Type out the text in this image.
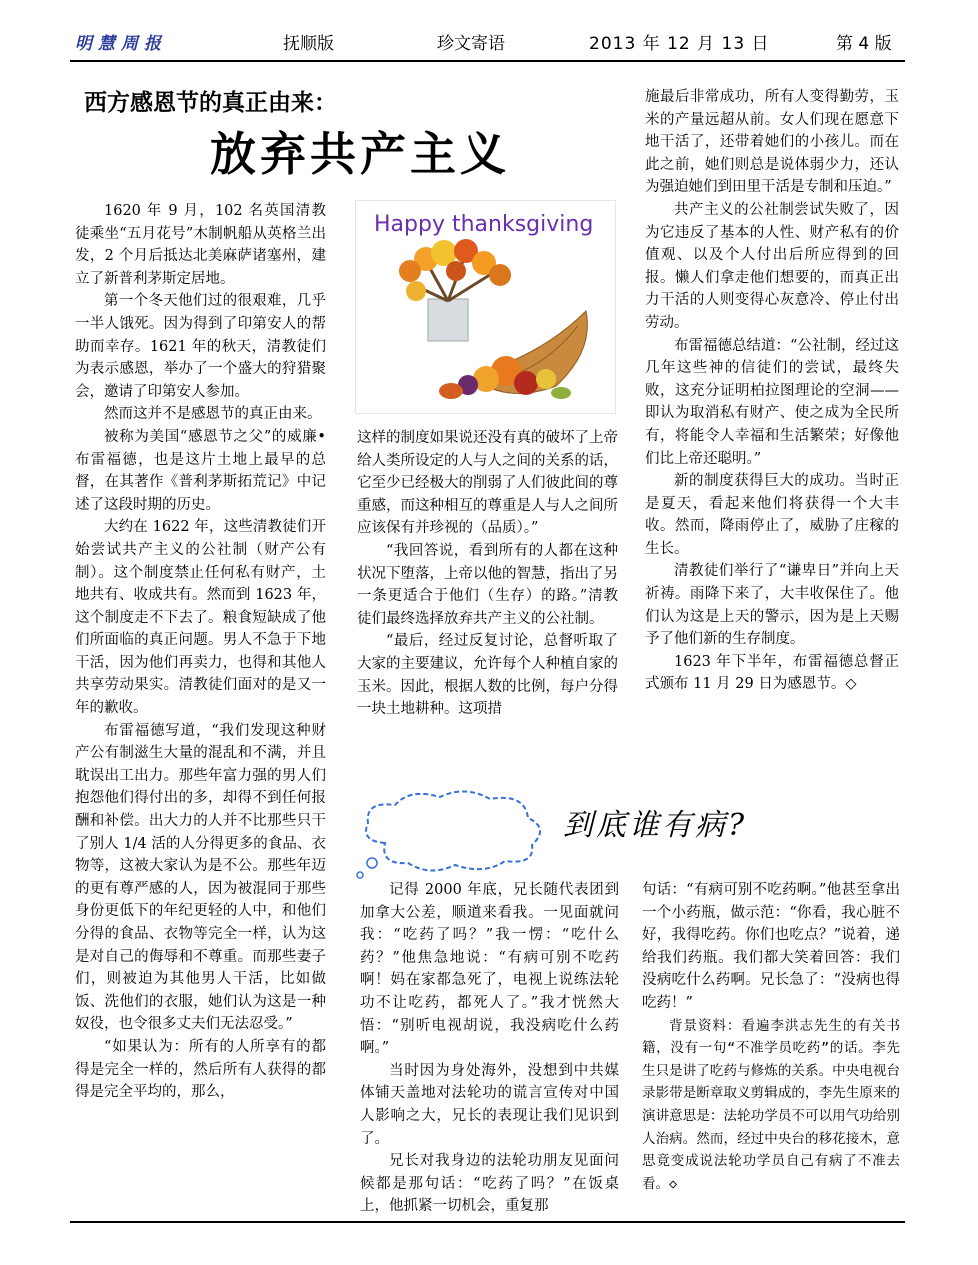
明慧周报	抚顺版	珍文寄语	2013 年 12 月 13 日	第 4 版
西方感恩节的真正由来：
放弃共产主义

1620 年 9 月，102 名英国清教徒乘坐“五月花号”木制帆船从英格兰出发，2 个月后抵达北美麻萨诸塞州，建立了新普利茅斯定居地。

第一个冬天他们过的很艰难，几乎一半人饿死。因为得到了印第安人的帮助而幸存。1621 年的秋天，清教徒们为表示感恩，举办了一个盛大的狩猎聚会，邀请了印第安人参加。

然而这并不是感恩节的真正由来。

被称为美国“感恩节之父”的威廉•布雷福德，也是这片土地上最早的总督，在其著作《普利茅斯拓荒记》中记述了这段时期的历史。

大约在 1622 年，这些清教徒们开始尝试共产主义的公社制（财产公有制）。这个制度禁止任何私有财产，土地共有、收成共有。然而到 1623 年，这个制度走不下去了。粮食短缺成了他们所面临的真正问题。男人不急于下地干活，因为他们再卖力，也得和其他人共享劳动果实。清教徒们面对的是又一年的歉收。

布雷福德写道，“我们发现这种财产公有制滋生大量的混乱和不满，并且耽误出工出力。那些年富力强的男人们抱怨他们得付出的多，却得不到任何报酬和补偿。出大力的人并不比那些只干了别人 1/4 活的人分得更多的食品、衣物等，这被大家认为是不公。那些年迈的更有尊严感的人，因为被混同于那些身份更低下的年纪更轻的人中，和他们分得的食品、衣物等完全一样，认为这是对自己的侮辱和不尊重。而那些妻子们，则被迫为其他男人干活，比如做饭、洗他们的衣服，她们认为这是一种奴役，也令很多丈夫们无法忍受。”

“如果认为：所有的人所享有的都得是完全一样的，然后所有人获得的都得是完全平均的，那么，

Happy thanksgiving

这样的制度如果说还没有真的破坏了上帝给人类所设定的人与人之间的关系的话，它至少已经极大的削弱了人们彼此间的尊重感，而这种相互的尊重是人与人之间所应该保有并珍视的（品质）。”

“我回答说，看到所有的人都在这种状况下堕落，上帝以他的智慧，指出了另一条更适合于他们（生存）的路。”清教徒们最终选择放弃共产主义的公社制。

“最后，经过反复讨论，总督听取了大家的主要建议，允许每个人种植自家的玉米。因此，根据人数的比例，每户分得一块土地耕种。这项措

施最后非常成功，所有人变得勤劳，玉米的产量远超从前。女人们现在愿意下地干活了，还带着她们的小孩儿。而在此之前，她们则总是说体弱少力，还认为强迫她们到田里干活是专制和压迫。”

共产主义的公社制尝试失败了，因为它违反了基本的人性、财产私有的价值观、以及个人付出后所应得到的回报。懒人们拿走他们想要的，而真正出力干活的人则变得心灰意冷、停止付出劳动。

布雷福德总结道：“公社制，经过这几年这些神的信徒们的尝试，最终失败，这充分证明柏拉图理论的空洞——即认为取消私有财产、使之成为全民所有，将能令人幸福和生活繁荣；好像他们比上帝还聪明。”

新的制度获得巨大的成功。当时正是夏天，看起来他们将获得一个大丰收。然而，降雨停止了，威胁了庄稼的生长。

清教徒们举行了“谦卑日”并向上天祈祷。雨降下来了，大丰收保住了。他们认为这是上天的警示，因为是上天赐予了他们新的生存制度。

1623 年下半年，布雷福德总督正式颁布 11 月 29 日为感恩节。◇

到底谁有病?

记得 2000 年底，兄长随代表团到加拿大公差，顺道来看我。一见面就问我：“吃药了吗？”我一愣：“吃什么药？”他焦急地说：“有病可别不吃药啊！妈在家都急死了，电视上说练法轮功不让吃药，都死人了。”我才恍然大悟：“别听电视胡说，我没病吃什么药啊。”

当时因为身处海外，没想到中共媒体铺天盖地对法轮功的谎言宣传对中国人影响之大，兄长的表现让我们见识到了。

兄长对我身边的法轮功朋友见面问候都是那句话：“吃药了吗？”在饭桌上，他抓紧一切机会，重复那

句话：“有病可别不吃药啊。”他甚至拿出一个小药瓶，做示范：“你看，我心脏不好，我得吃药。你们也吃点？”说着，递给我们药瓶。我们都大笑着回答：我们没病吃什么药啊。兄长急了：“没病也得吃药！”

背景资料：看遍李洪志先生的有关书籍，没有一句“不准学员吃药”的话。李先生只是讲了吃药与修炼的关系。中央电视台录影带是断章取义剪辑成的，李先生原来的演讲意思是：法轮功学员不可以用气功给别人治病。然而，经过中央台的移花接木，意思竟变成说法轮功学员自己有病了不准去看。◇
